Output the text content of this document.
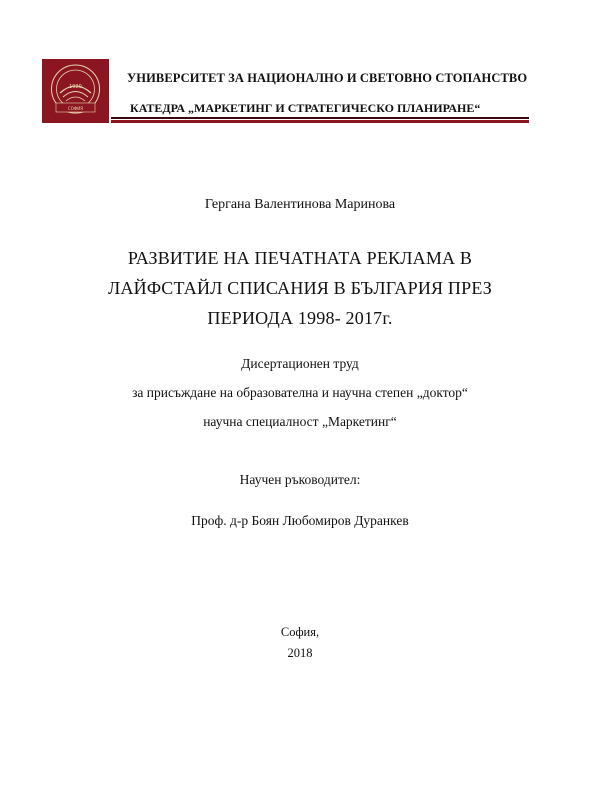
1920
СОФИЯ
УНИВЕРСИТЕТ ЗА НАЦИОНАЛНО И СВЕТОВНО СТОПАНСТВО
КАТЕДРА „МАРКЕТИНГ И СТРАТЕГИЧЕСКО ПЛАНИРАНЕ“
Гергана Валентинова Маринова
РАЗВИТИЕ НА ПЕЧАТНАТА РЕКЛАМА В
ЛАЙФСТАЙЛ СПИСАНИЯ В БЪЛГАРИЯ ПРЕЗ
ПЕРИОДА 1998- 2017г.
Дисертационен труд
за присъждане на образователна и научна степен „доктор“
научна специалност „Маркетинг“
Научен ръководител:
Проф. д-р Боян Любомиров Дуранкев
София,
2018
